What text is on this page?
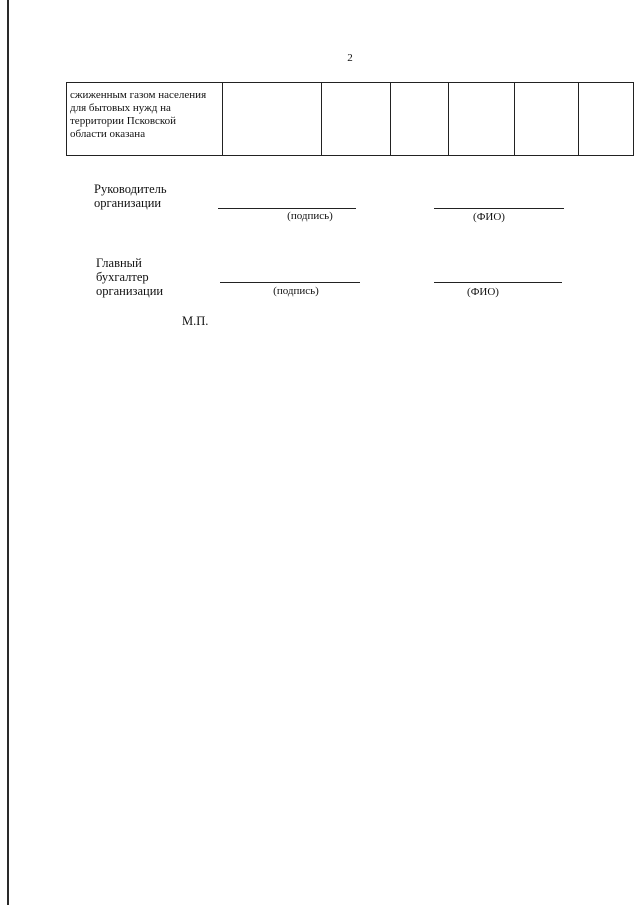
2
сжиженным газом населения
для бытовых нужд на
территории Псковской
области оказана						
Руководитель
организации
(подпись)	(ФИО)
Главный
бухгалтер
организации	(подпись)	(ФИО)
М.П.
